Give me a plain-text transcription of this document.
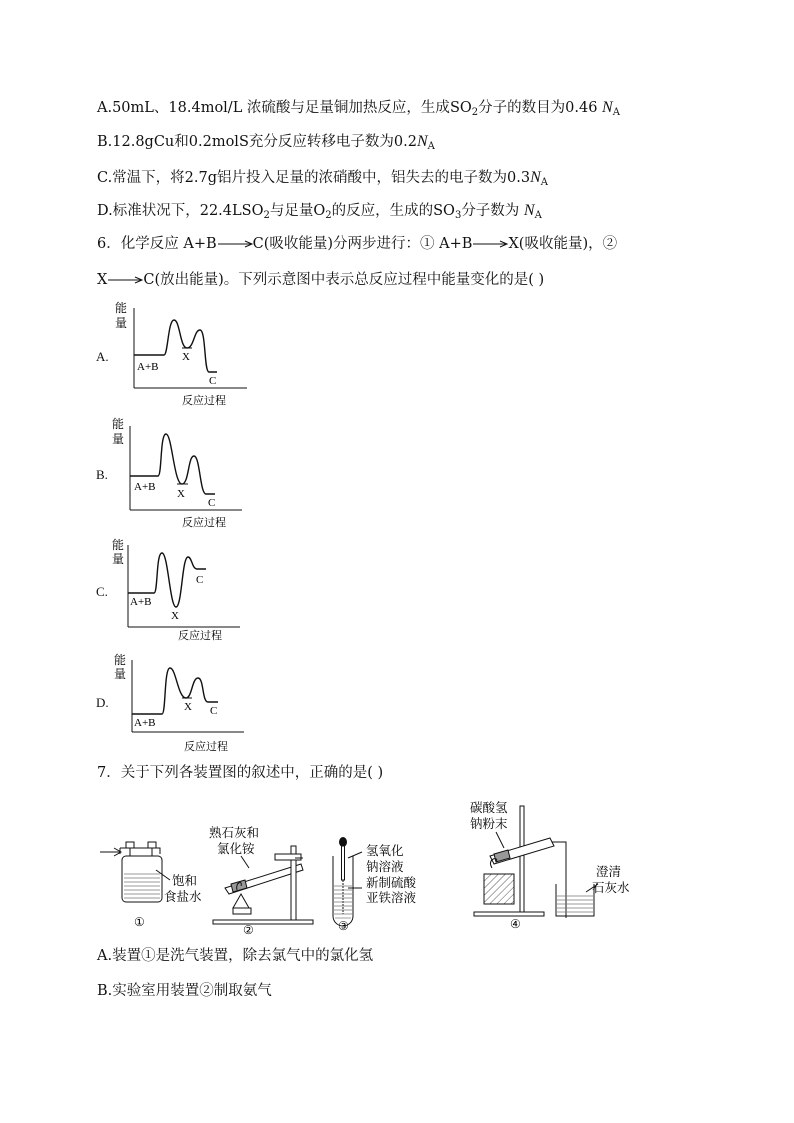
A.50mL、18.4mol/L 浓硫酸与足量铜加热反应，生成$SO_2$分子的数目为0.46 $N_A$
B.12.8gCu和0.2molS充分反应转移电子数为$0.2N_A$
C.常温下，将2.7g铝片投入足量的浓硝酸中，铝失去的电子数为$0.3N_A$
D.标准状况下，$22.4LSO_2$与足量$O_2$的反应，生成的$SO_3$分子数为 $N_A$
6．化学反应 A+B→C(吸收能量)分两步进行：① A+B→X(吸收能量)，②
X→C(放出能量)。下列示意图中表示总反应过程中能量变化的是( )
A.
能
量
A+B
X
C
反应过程
B.
能
量
A+B
X
C
反应过程
C.
能
量
A+B
X
C
反应过程
D.
能
量
A+B
X C
反应过程
7．关于下列各装置图的叙述中，正确的是( )
饱和
食盐水
①
熟石灰和
氯化铵
②
氢氧化
钠溶液
新制硫酸
亚铁溶液
③
碳酸氢
钠粉末
澄清
石灰水
④
A.装置①是洗气装置，除去氯气中的氯化氢
B.实验室用装置②制取氨气
